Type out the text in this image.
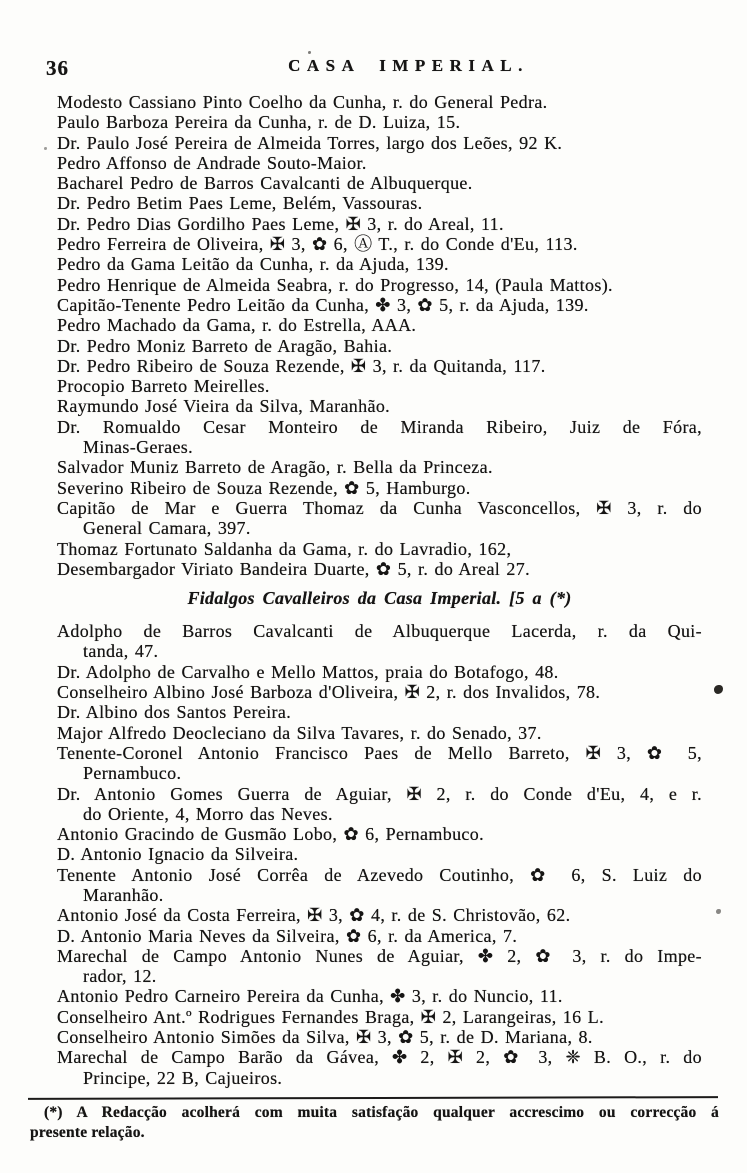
36	CASA IMPERIAL.
Modesto Cassiano Pinto Coelho da Cunha, r. do General Pedra.
Paulo Barboza Pereira da Cunha, r. de D. Luiza, 15.
Dr. Paulo José Pereira de Almeida Torres, largo dos Leões, 92 K.
Pedro Affonso de Andrade Souto-Maior.
Bacharel Pedro de Barros Cavalcanti de Albuquerque.
Dr. Pedro Betim Paes Leme, Belém, Vassouras.
Dr. Pedro Dias Gordilho Paes Leme, ✠ 3, r. do Areal, 11.
Pedro Ferreira de Oliveira, ✠ 3, ✿ 6, Ⓐ T., r. do Conde d'Eu, 113.
Pedro da Gama Leitão da Cunha, r. da Ajuda, 139.
Pedro Henrique de Almeida Seabra, r. do Progresso, 14, (Paula Mattos).
Capitão-Tenente Pedro Leitão da Cunha, ✤ 3, ✿ 5, r. da Ajuda, 139.
Pedro Machado da Gama, r. do Estrella, AAA.
Dr. Pedro Moniz Barreto de Aragão, Bahia.
Dr. Pedro Ribeiro de Souza Rezende, ✠ 3, r. da Quitanda, 117.
Procopio Barreto Meirelles.
Raymundo José Vieira da Silva, Maranhão.
Dr. Romualdo Cesar Monteiro de Miranda Ribeiro, Juiz de Fóra,
Minas-Geraes.
Salvador Muniz Barreto de Aragão, r. Bella da Princeza.
Severino Ribeiro de Souza Rezende, ✿ 5, Hamburgo.
Capitão de Mar e Guerra Thomaz da Cunha Vasconcellos, ✠ 3, r. do
General Camara, 397.
Thomaz Fortunato Saldanha da Gama, r. do Lavradio, 162,
Desembargador Viriato Bandeira Duarte, ✿ 5, r. do Areal 27.
Fidalgos Cavalleiros da Casa Imperial. [5 a (*)
Adolpho de Barros Cavalcanti de Albuquerque Lacerda, r. da Qui-
tanda, 47.
Dr. Adolpho de Carvalho e Mello Mattos, praia do Botafogo, 48.
Conselheiro Albino José Barboza d'Oliveira, ✠ 2, r. dos Invalidos, 78.
Dr. Albino dos Santos Pereira.
Major Alfredo Deocleciano da Silva Tavares, r. do Senado, 37.
Tenente-Coronel Antonio Francisco Paes de Mello Barreto, ✠ 3, ✿ 5,
Pernambuco.
Dr. Antonio Gomes Guerra de Aguiar, ✠ 2, r. do Conde d'Eu, 4, e r.
do Oriente, 4, Morro das Neves.
Antonio Gracindo de Gusmão Lobo, ✿ 6, Pernambuco.
D. Antonio Ignacio da Silveira.
Tenente Antonio José Corrêa de Azevedo Coutinho, ✿ 6, S. Luiz do
Maranhão.
Antonio José da Costa Ferreira, ✠ 3, ✿ 4, r. de S. Christovão, 62.
D. Antonio Maria Neves da Silveira, ✿ 6, r. da America, 7.
Marechal de Campo Antonio Nunes de Aguiar, ✤ 2, ✿ 3, r. do Impe-
rador, 12.
Antonio Pedro Carneiro Pereira da Cunha, ✤ 3, r. do Nuncio, 11.
Conselheiro Ant.º Rodrigues Fernandes Braga, ✠ 2, Larangeiras, 16 L.
Conselheiro Antonio Simões da Silva, ✠ 3, ✿ 5, r. de D. Mariana, 8.
Marechal de Campo Barão da Gávea, ✤ 2, ✠ 2, ✿ 3, ❈ B. O., r. do
Principe, 22 B, Cajueiros.
(*) A Redacção acolherá com muita satisfação qualquer accrescimo ou correcção á
presente relação.
